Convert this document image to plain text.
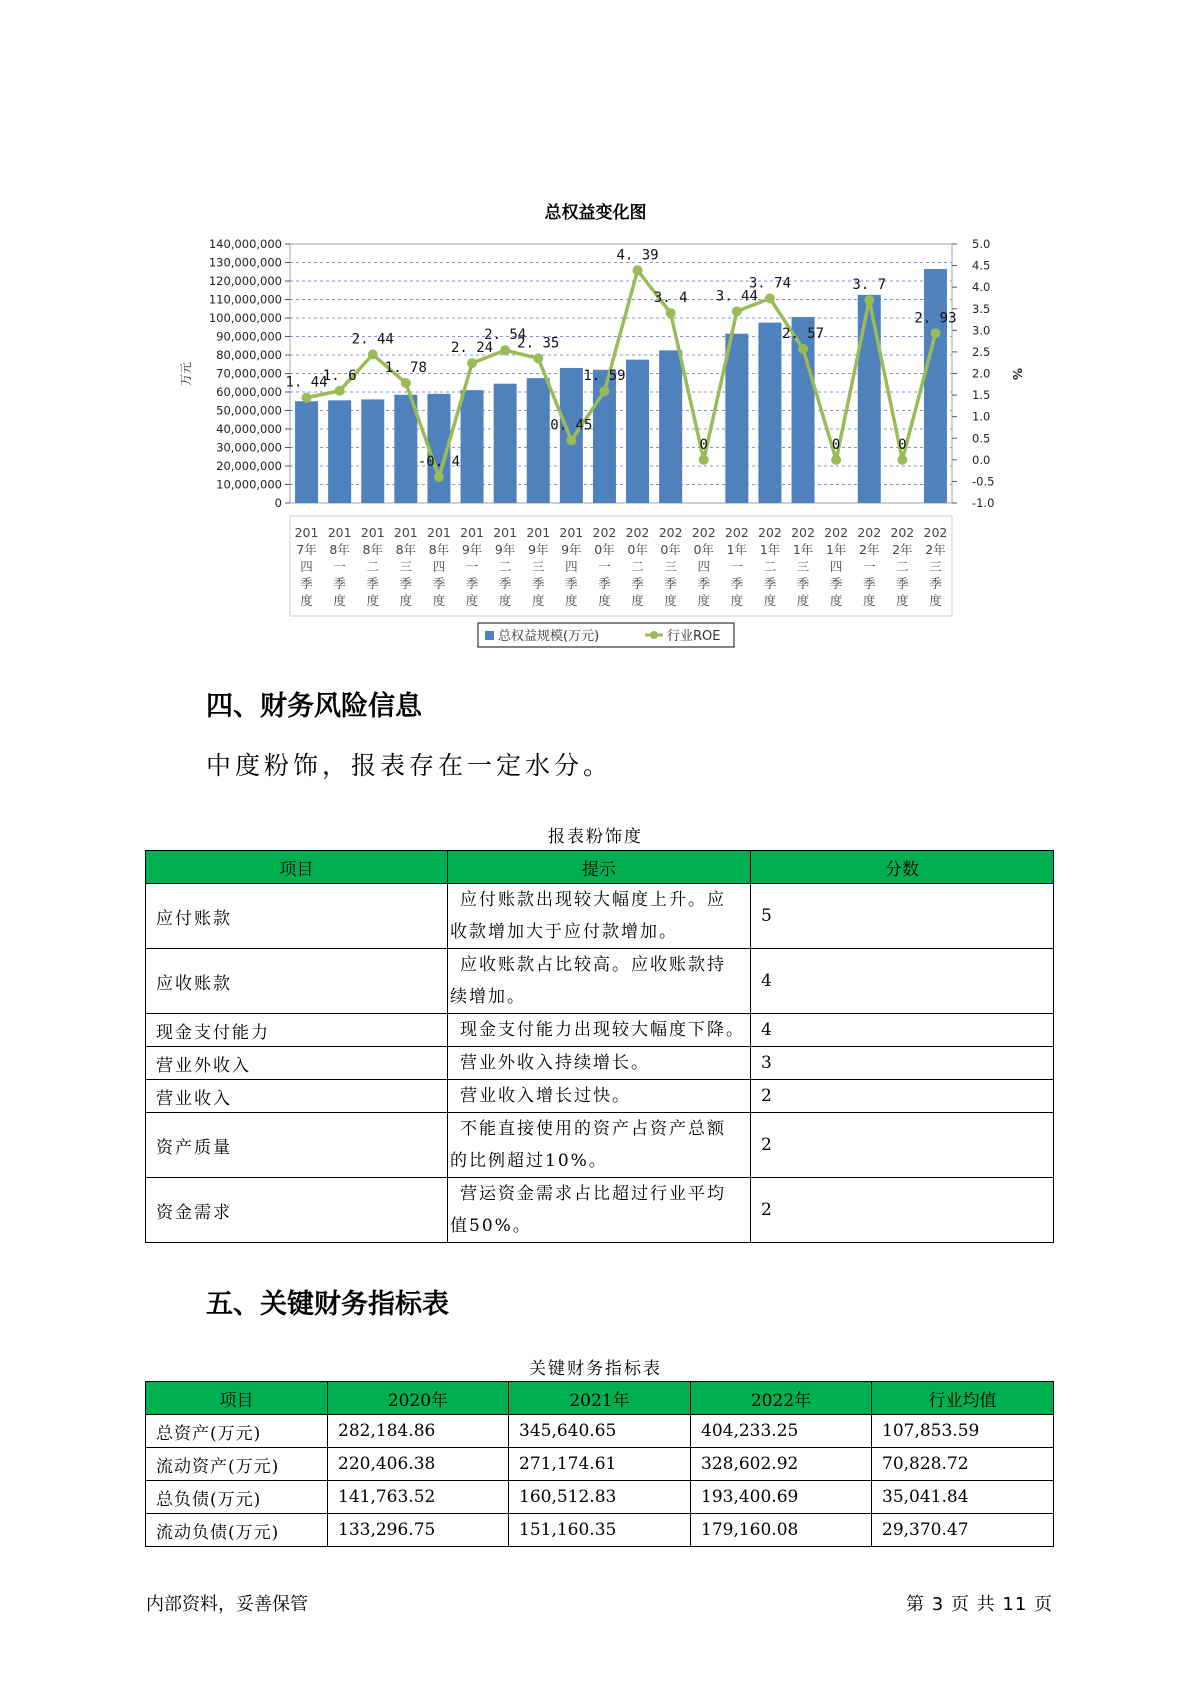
140,000,000
130,000,000
120,000,000
110,000,000
100,000,000
90,000,000
80,000,000
70,000,000
60,000,000
50,000,000
40,000,000
30,000,000
20,000,000
10,000,000
0
5.0
4.5
4.0
3.5
3.0
2.5
2.0
1.5
1.0
0.5
0.0
-0.5
-1.0
万元	%
201 7年四季度
201 8年一季度
201 8年二季度
201 8年三季度
201 8年四季度
201 9年一季度
201 9年二季度
201 9年三季度
201 9年四季度
202 0年一季度
202 0年二季度
202 0年三季度
202 0年四季度
202 1年一季度
202 1年二季度
202 1年三季度
202 1年四季度
202 2年一季度
202 2年二季度
202 2年三季度
1. 44
1. 6
2. 44
1. 78
-0. 4
2. 24
2. 54
2. 35
0. 45
1. 59
4. 39
3. 4
0
3. 44
3. 74
2. 57
0
3. 7
0
2. 93
总权益规模(万元)	行业ROE
总权益变化图
四、财务风险信息
中度粉饰，报表存在一定水分。
报表粉饰度
项目	提示	分数
应付账款	应付账款出现较大幅度上升。应
收款增加大于应付款增加。	5
应收账款	应收账款占比较高。应收账款持
续增加。	4
现金支付能力	现金支付能力出现较大幅度下降。	4
营业外收入	营业外收入持续增长。	3
营业收入	营业收入增长过快。	2
资产质量	不能直接使用的资产占资产总额
的比例超过10%。	2
资金需求	营运资金需求占比超过行业平均
值50%。	2
五、关键财务指标表
关键财务指标表
项目	2020年	2021年	2022年	行业均值
总资产(万元)	282,184.86	345,640.65	404,233.25	107,853.59
流动资产(万元)	220,406.38	271,174.61	328,602.92	70,828.72
总负债(万元)	141,763.52	160,512.83	193,400.69	35,041.84
流动负债(万元)	133,296.75	151,160.35	179,160.08	29,370.47
内部资料，妥善保管	第 3 页 共 11 页
